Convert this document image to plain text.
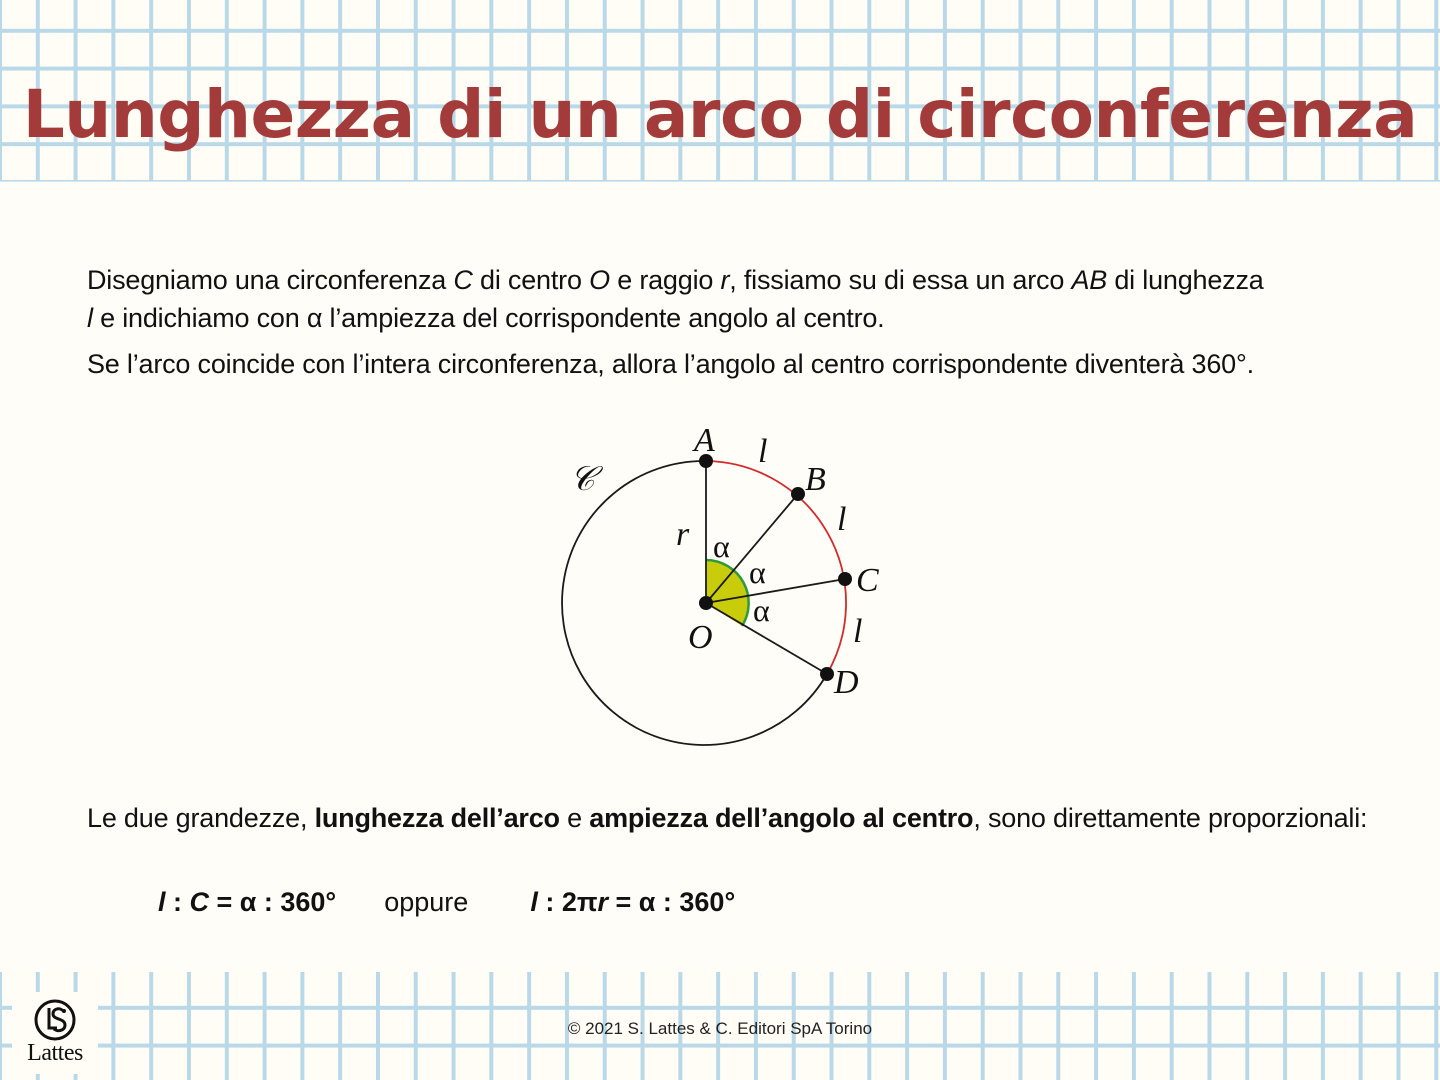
Lunghezza di un arco di circonferenza

Disegniamo una circonferenza C di centro O e raggio r, fissiamo su di essa un arco AB di lunghezza
l e indichiamo con α l’ampiezza del corrispondente angolo al centro.

Se l’arco coincide con l’intera circonferenza, allora l’angolo al centro corrispondente diventerà 360°.

A
B
C
D
O
r
𝒞
l
l
l
α
α
α

Le due grandezze, lunghezza dell’arco e ampiezza dell’angolo al centro, sono direttamente proporzionali:

l : C = α : 360° oppure l : 2πr = α : 360°
Lattes
© 2021 S. Lattes & C. Editori SpA Torino
